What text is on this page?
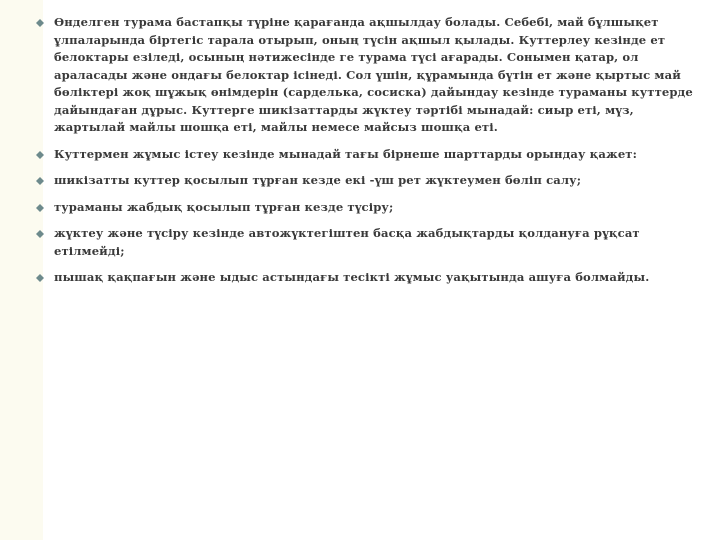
Өнделген турама бастапқы түріне қарағанда ақшылдау болады. Себебі, май бұлшықет ұлпаларында біртегіс тарала отырып, оның түсін ақшыл қылады. Куттерлеу кезінде ет белоктары езіледі, осының нәтижесінде ге турама түсі ағарады. Сонымен қатар, ол араласады және ондағы белоктар ісінеді. Сол үшін, құрамында бүтін ет және қыртыс май бөліктері жоқ шұжық өнімдерін (сарделька, сосиска) дайындау кезінде тураманы куттерде дайындаған дұрыс. Куттерге шикізаттарды жүктеу тәртібі мынадай: сиыр еті, мүз, жартылай майлы шошқа еті, майлы немесе майсыз шошқа еті.
Куттермен жұмыс істеу кезінде мынадай тағы бірнеше шарттарды орындау қажет:
шикізатты куттер қосылып тұрған кезде екі -үш рет жүктеумен бөліп салу;
тураманы жабдық қосылып тұрған кезде түсіру;
жүктеу және түсіру кезінде автожүктегіштен басқа жабдықтарды қолдануға рұқсат етілмейді;
пышақ қақпағын және ыдыс астындағы тесікті жұмыс уақытында ашуға болмайды.
